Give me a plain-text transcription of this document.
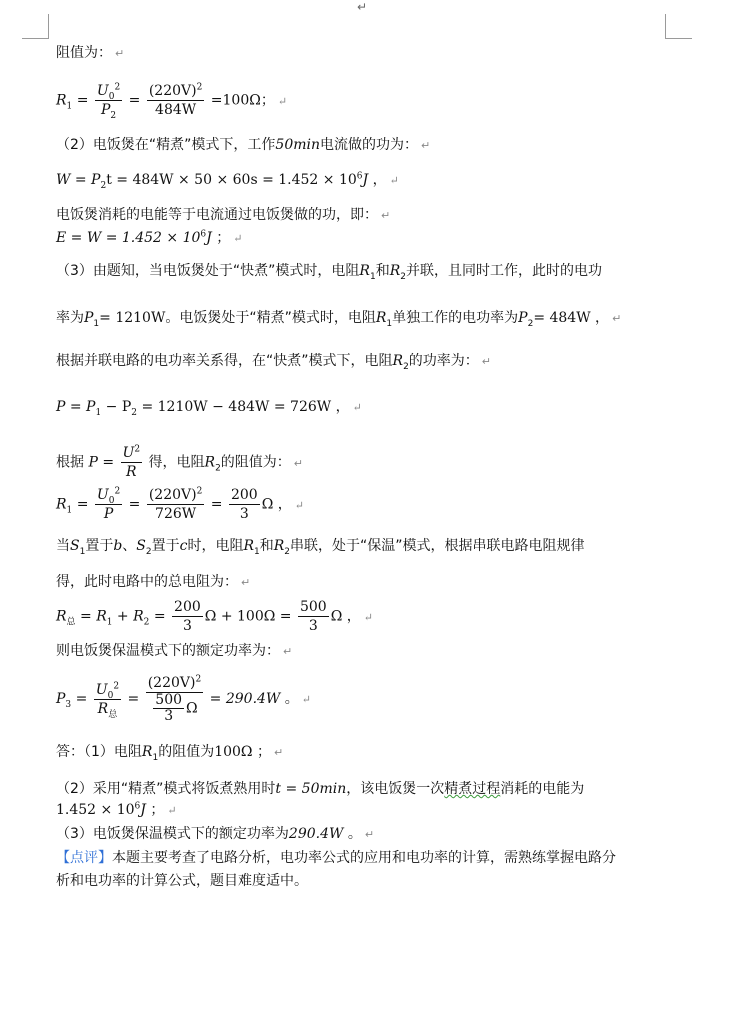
↵
阻值为： ↵
$R_1 = \frac{U_0^2}{P_2} = \frac{(220V)^2}{484W} =100\Omega$； ↵
（2）电饭煲在“精煮”模式下，工作50min电流做的功为： ↵
$W = P_2t = 484W \times 50 \times 60s = 1.452 \times 10^6J$ ， ↵
电饭煲消耗的电能等于电流通过电饭煲做的功，即： ↵
$E = W = 1.452 \times 10^6J$ ； ↵
（3）由题知，当电饭煲处于“快煮”模式时，电阻$R_1$和$R_2$并联，且同时工作，此时的电功
率为$P_1= 1210W$。电饭煲处于“精煮”模式时，电阻$R_1$单独工作的电功率为$P_2= 484W$ ， ↵
根据并联电路的电功率关系得，在“快煮”模式下，电阻$R_2$的功率为： ↵
$P = P_1 - P_2 = 1210W - 484W = 726W$ ， ↵
根据 $P = \frac{U^2}{R}$ 得，电阻$R_2$的阻值为： ↵
$R_1 = \frac{U_0^2}{P} = \frac{(220V)^2}{726W} = \frac{200}{3}$ Ω ， ↵
当$S_1$置于b、$S_2$置于c时，电阻$R_1$和$R_2$串联，处于“保温”模式，根据串联电路电阻规律
得，此时电路中的总电阻为： ↵
$R_总 = R_1 + R_2 = \frac{200}{3}$ $\Omega + 100\Omega = \frac{500}{3}$ Ω ， ↵
则电饭煲保温模式下的额定功率为： ↵
$P_3 = \frac{U_0^2}{R_总} = \frac{(220V)^2}{\frac{500}{3} \Omega} = 290.4W$ 。 ↵
答：（1）电阻$R_1$的阻值为100Ω ； ↵
（2）采用“精煮”模式将饭煮熟用时t = 50min，该电饭煲一次精煮过程消耗的电能为
$1.452 \times 10^6J$ ； ↵
（3）电饭煲保温模式下的额定功率为290.4W 。 ↵
【点评】本题主要考查了电路分析，电功率公式的应用和电功率的计算，需熟练掌握电路分
析和电功率的计算公式，题目难度适中。
